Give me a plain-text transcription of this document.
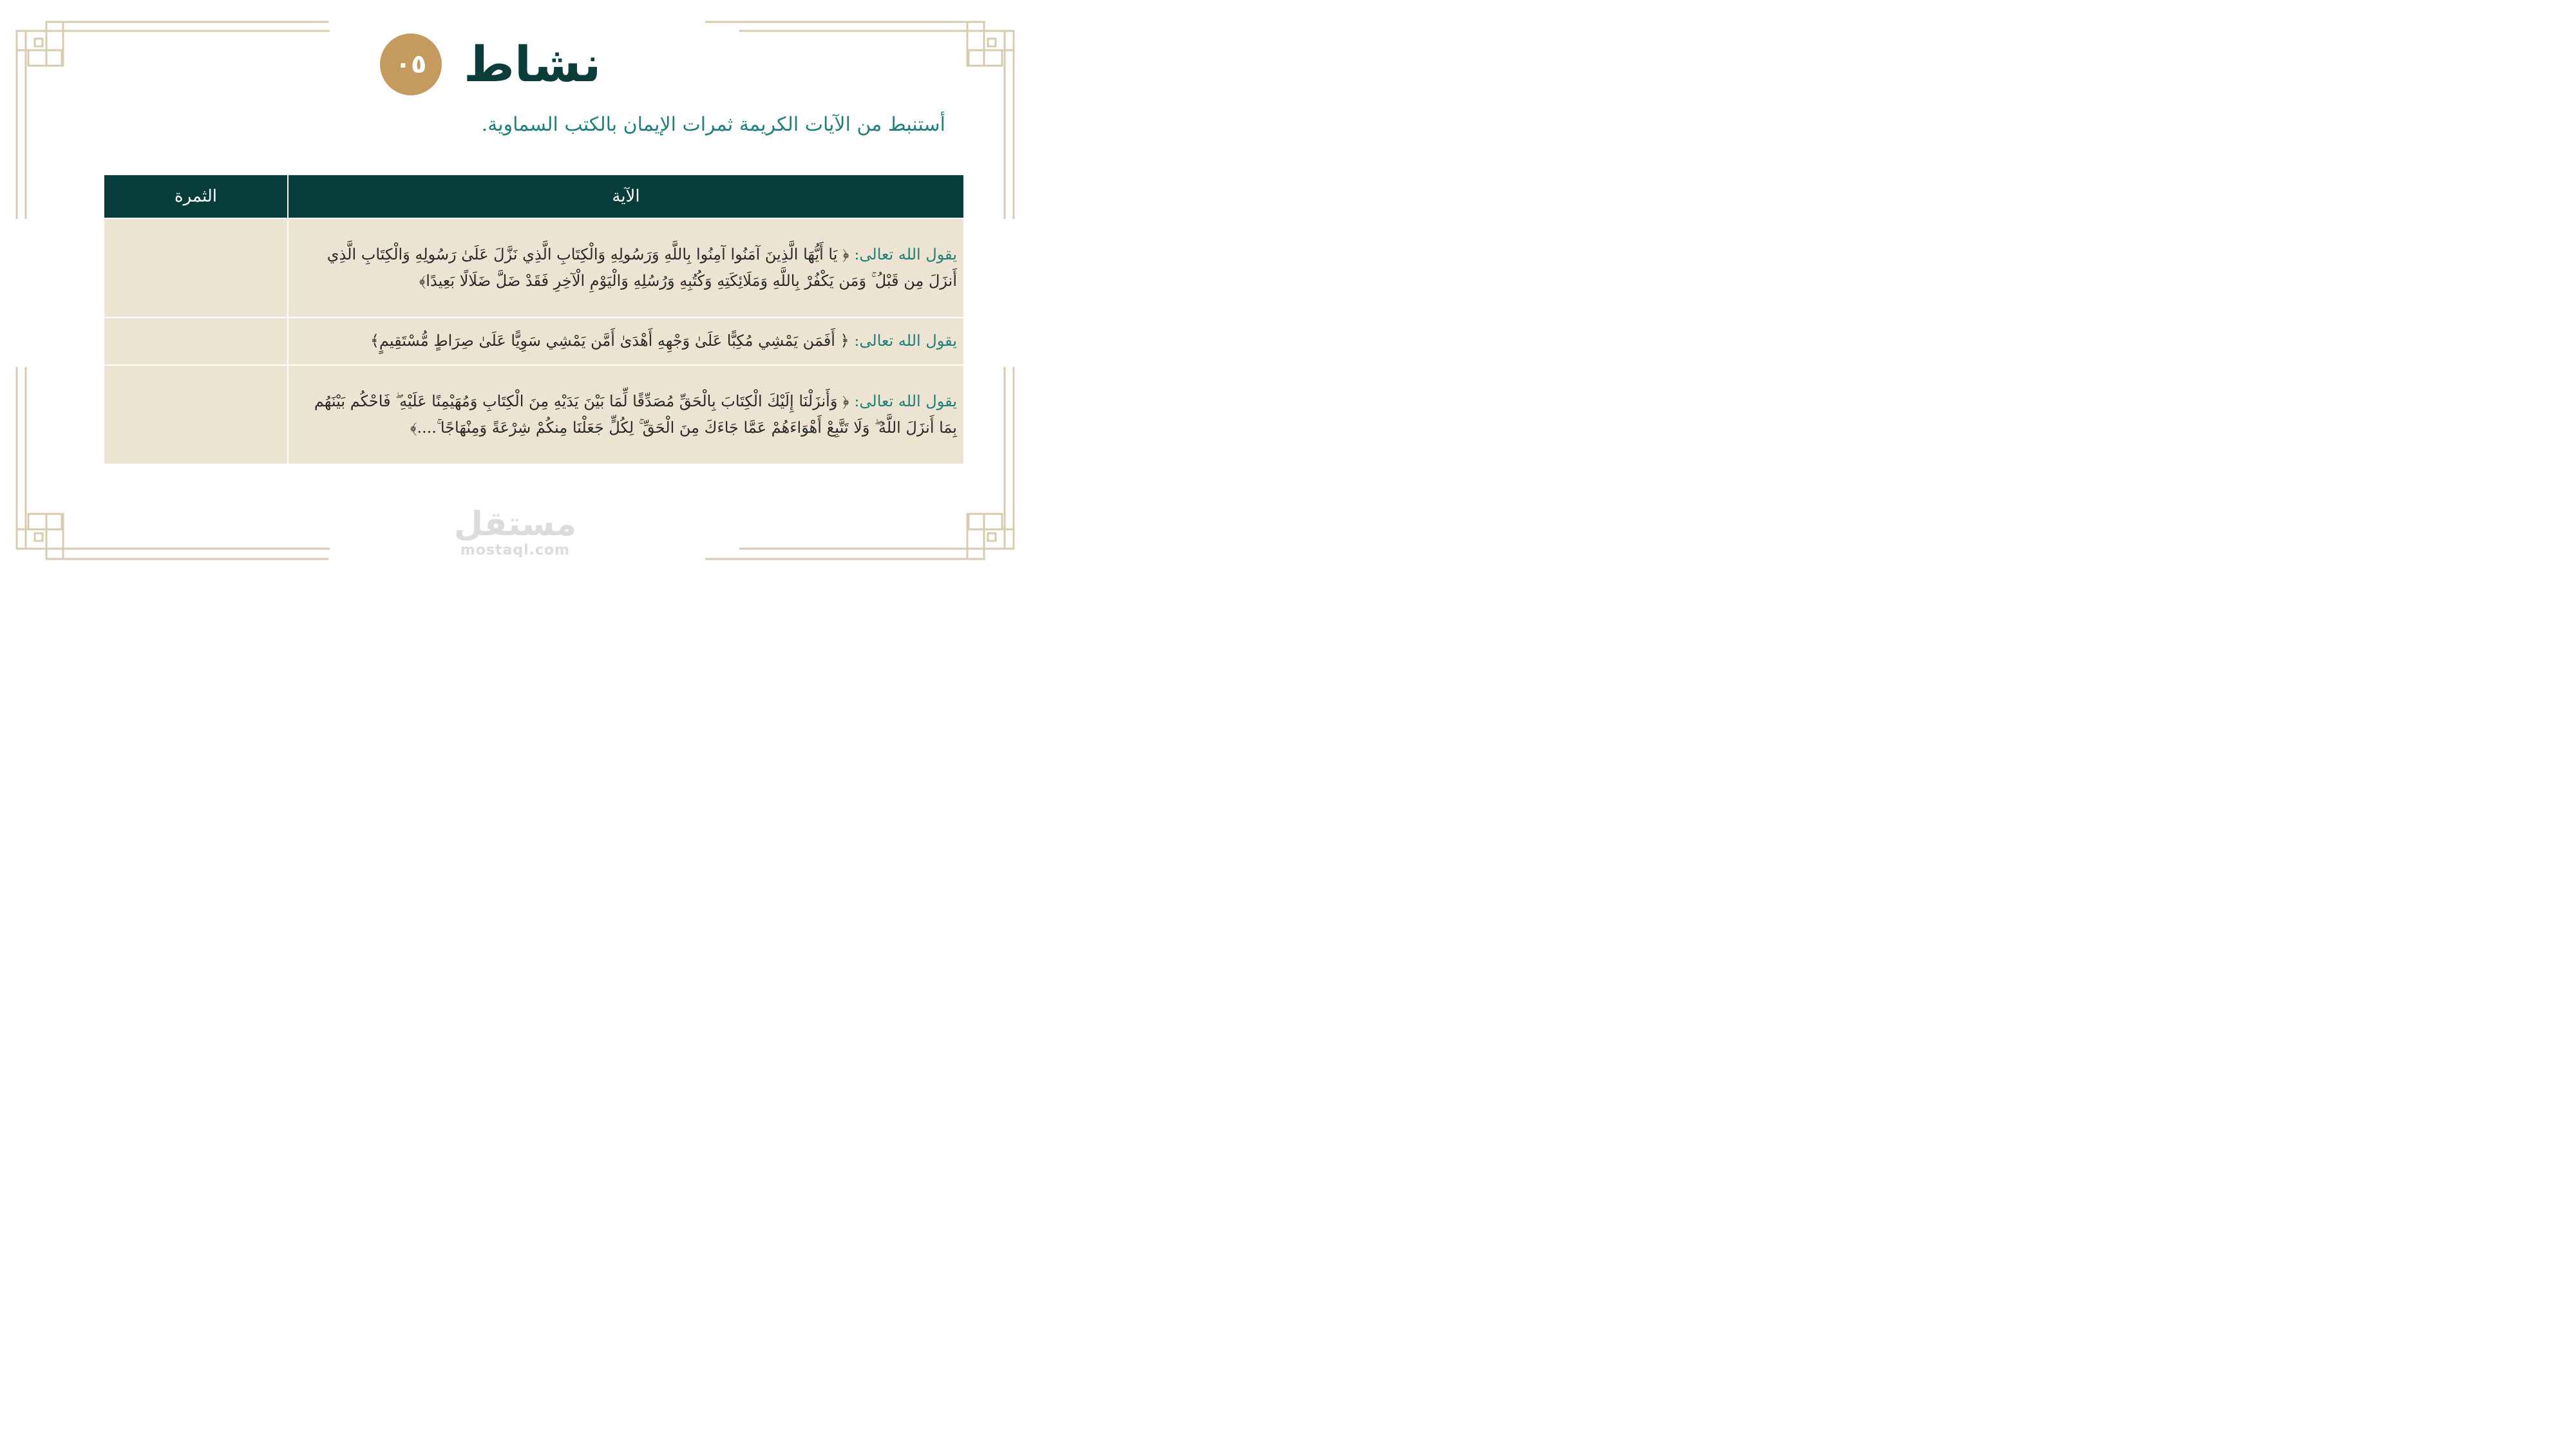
٠٥ نشاط
أستنبط من الآيات الكريمة ثمرات الإيمان بالكتب السماوية.
الآية	الثمرة
يقول الله تعالى: ﴿ يَا أَيُّهَا الَّذِينَ آمَنُوا آمِنُوا بِاللَّهِ وَرَسُولِهِ وَالْكِتَابِ الَّذِي نَزَّلَ عَلَىٰ رَسُولِهِ وَالْكِتَابِ الَّذِي أَنزَلَ مِن قَبْلُ ۚ وَمَن يَكْفُرْ بِاللَّهِ وَمَلَائِكَتِهِ وَكُتُبِهِ وَرُسُلِهِ وَالْيَوْمِ الْآخِرِ فَقَدْ ضَلَّ ضَلَالًا بَعِيدًا﴾	
يقول الله تعالى: ﴿ أَفَمَن يَمْشِي مُكِبًّا عَلَىٰ وَجْهِهِ أَهْدَىٰ أَمَّن يَمْشِي سَوِيًّا عَلَىٰ صِرَاطٍ مُّسْتَقِيمٍ﴾	
يقول الله تعالى: ﴿ وَأَنزَلْنَا إِلَيْكَ الْكِتَابَ بِالْحَقِّ مُصَدِّقًا لِّمَا بَيْنَ يَدَيْهِ مِنَ الْكِتَابِ وَمُهَيْمِنًا عَلَيْهِ ۖ فَاحْكُم بَيْنَهُم بِمَا أَنزَلَ اللَّهُ ۖ وَلَا تَتَّبِعْ أَهْوَاءَهُمْ عَمَّا جَاءَكَ مِنَ الْحَقِّ ۚ لِكُلٍّ جَعَلْنَا مِنكُمْ شِرْعَةً وَمِنْهَاجًا ۚ....﴾	
مستقل
mostaql.com
